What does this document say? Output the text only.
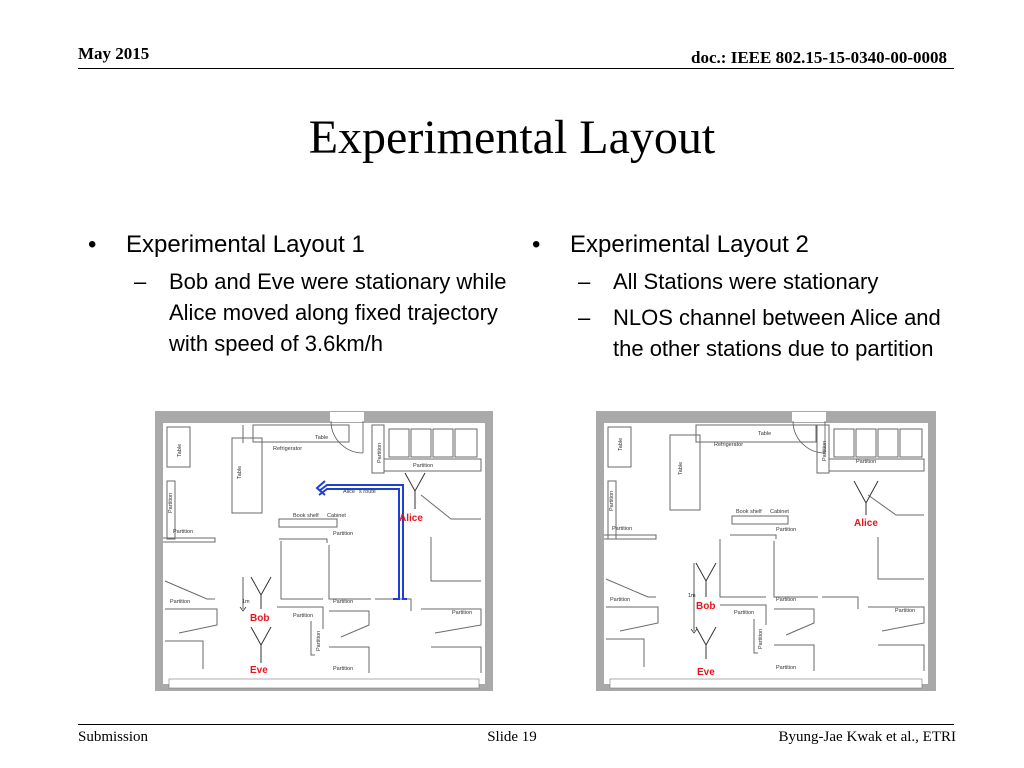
May 2015	doc.: IEEE 802.15-15-0340-00-0008
Experimental Layout
•	Experimental Layout 1
–	Bob and Eve were stationary while Alice moved along fixed trajectory with speed of 3.6km/h
•	Experimental Layout 2
–	All Stations were stationary
–	NLOS channel between Alice and the other stations due to partition
Table
Refrigerator
Table
Table
Partition
Partition
Partition
Alice ' s route
Book shelf Cabinet
Partition	Partition
Partition	1m	Partition
Partition
Partition
Partition
Partition
Alice
Bob
Eve
Table
Refrigerator
Table
Table
Partition
Partition
Partition
Book shelf Cabinet
Partition	Partition
Partition
1m
Partition
Partition
Partition
Partition
Partition
Alice
Bob
Eve
Submission	Slide 19	Byung-Jae Kwak et al., ETRI
